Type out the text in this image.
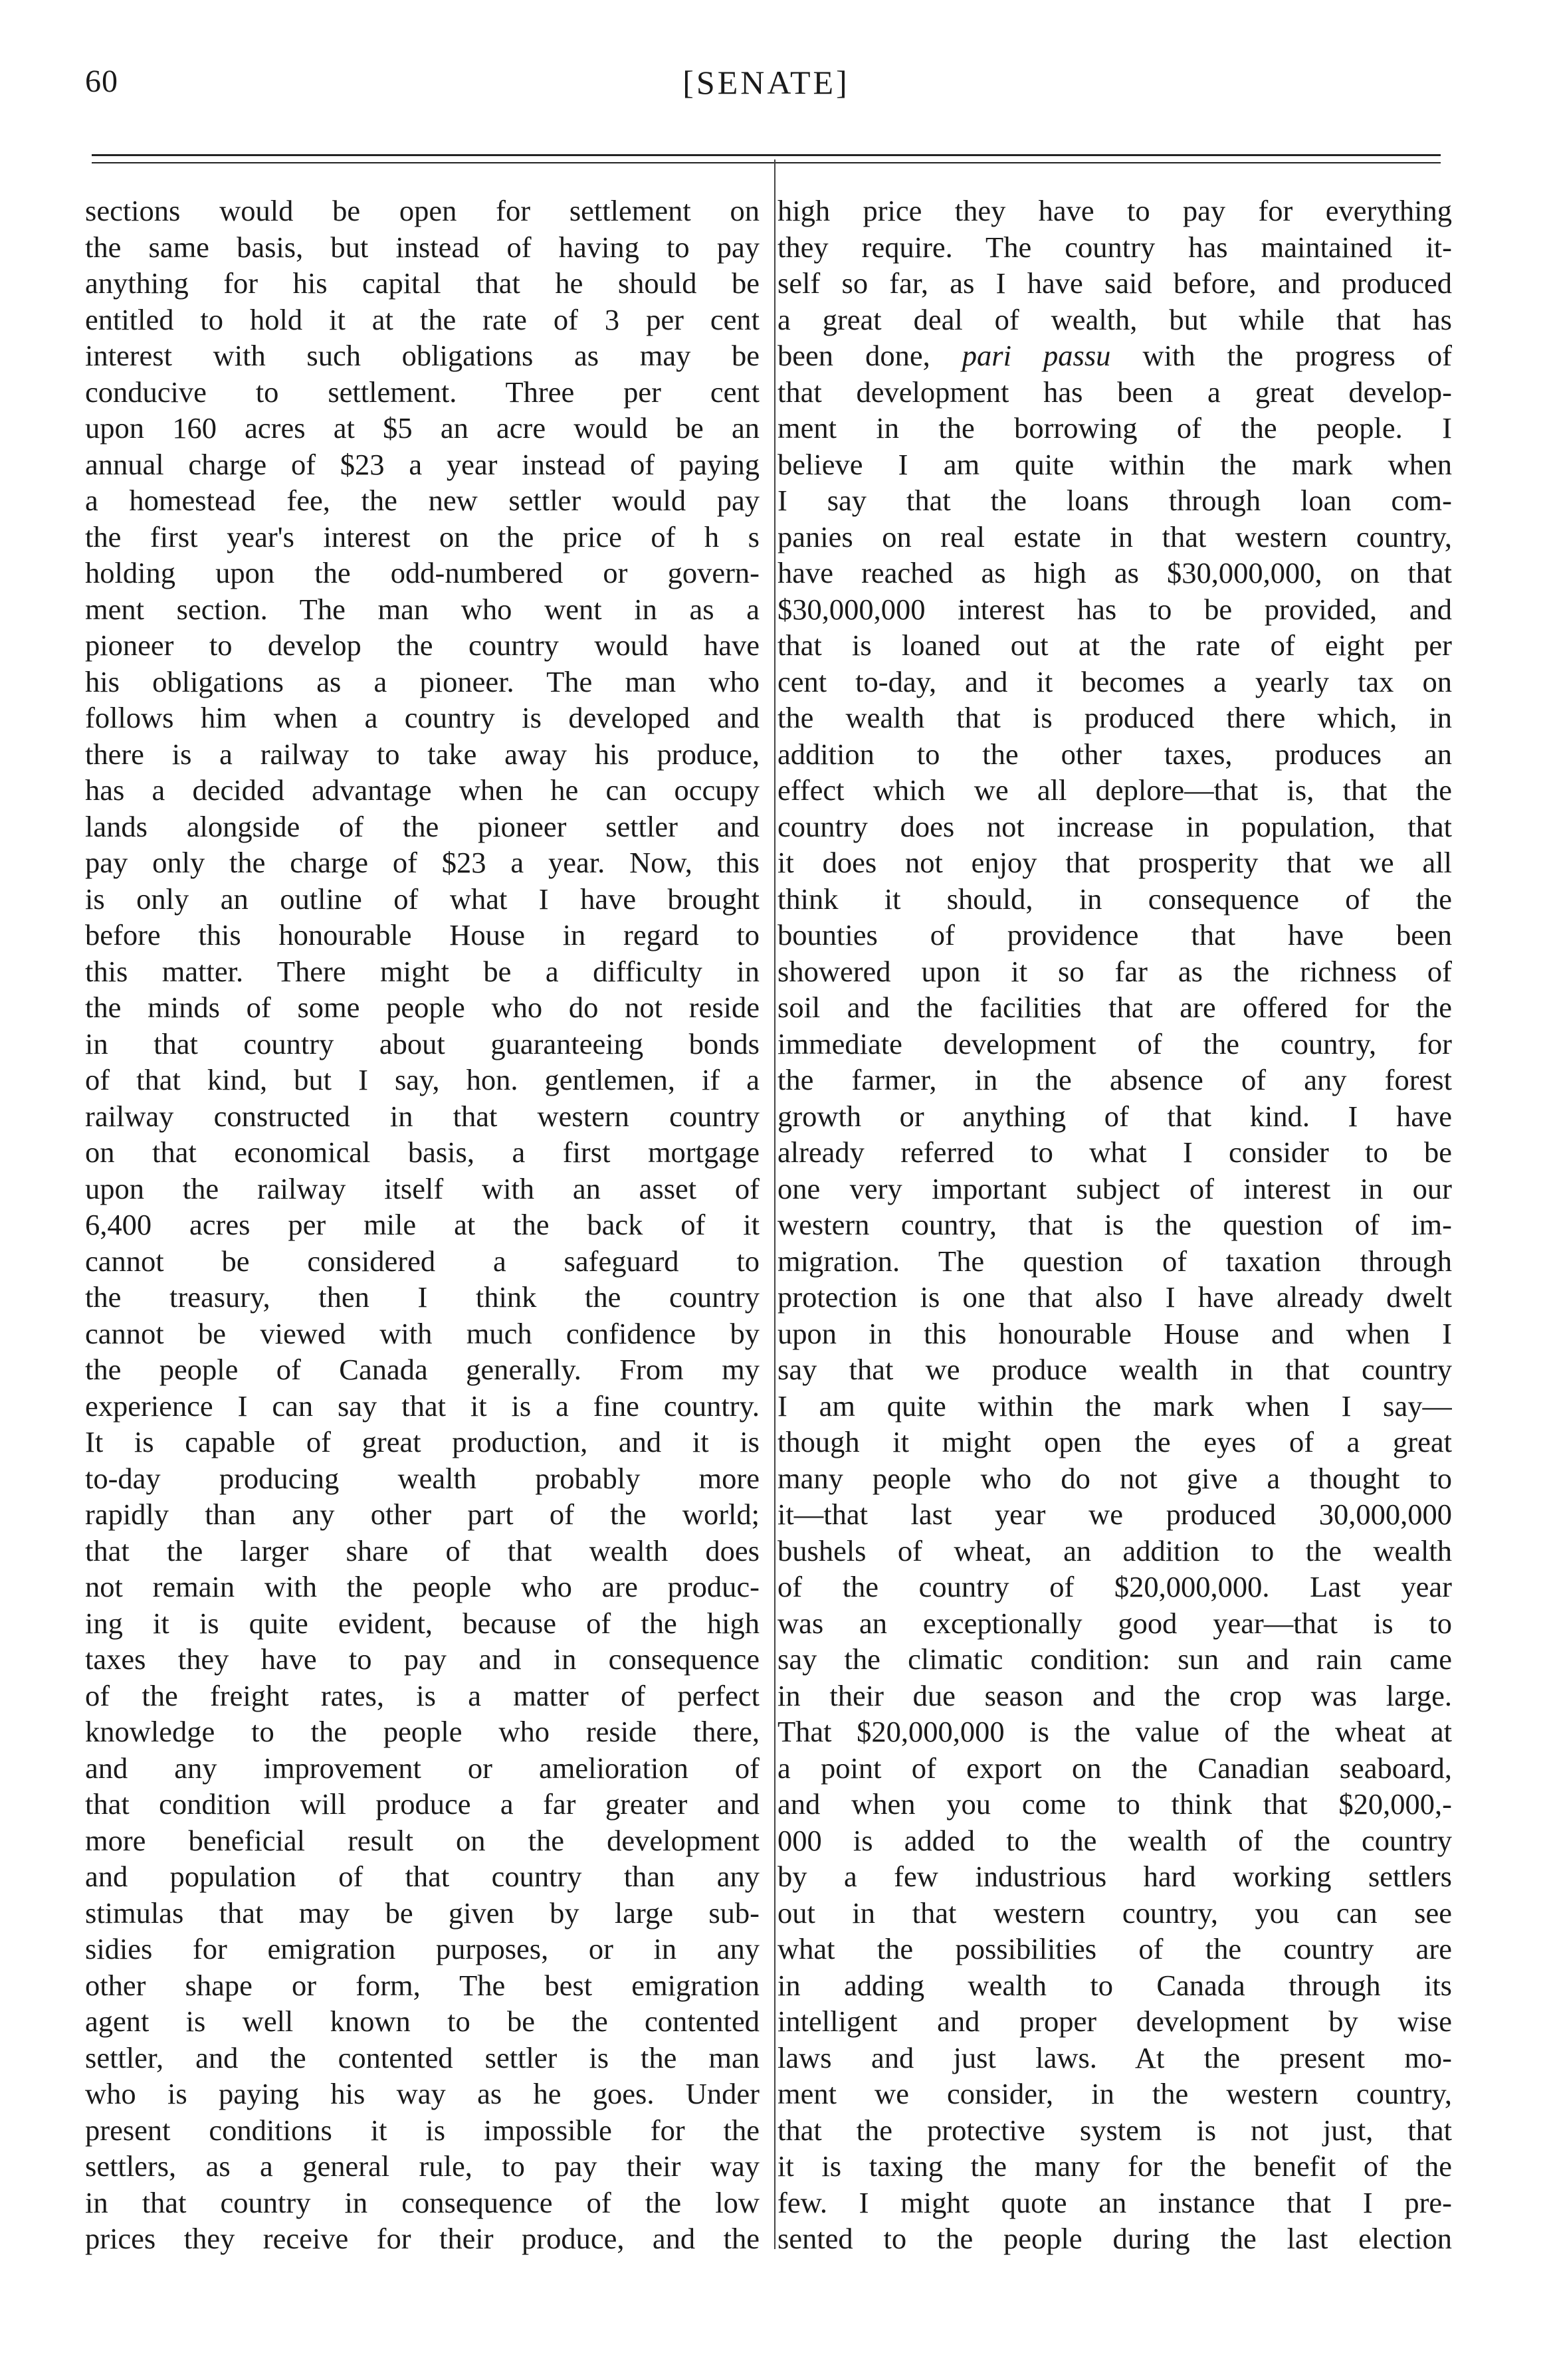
60	[SENATE]
sections would be open for settlement on
the same basis, but instead of having to pay
anything for his capital that he should be
entitled to hold it at the rate of 3 per cent
interest with such obligations as may be
conducive to settlement. Three per cent
upon 160 acres at $5 an acre would be an
annual charge of $23 a year instead of paying
a homestead fee, the new settler would pay
the first year's interest on the price of h s
holding upon the odd-numbered or govern-
ment section. The man who went in as a
pioneer to develop the country would have
his obligations as a pioneer. The man who
follows him when a country is developed and
there is a railway to take away his produce,
has a decided advantage when he can occupy
lands alongside of the pioneer settler and
pay only the charge of $23 a year. Now, this
is only an outline of what I have brought
before this honourable House in regard to
this matter. There might be a difficulty in
the minds of some people who do not reside
in that country about guaranteeing bonds
of that kind, but I say, hon. gentlemen, if a
railway constructed in that western country
on that economical basis, a first mortgage
upon the railway itself with an asset of
6,400 acres per mile at the back of it
cannot be considered a safeguard to
the treasury, then I think the country
cannot be viewed with much confidence by
the people of Canada generally. From my
experience I can say that it is a fine country.
It is capable of great production, and it is
to-day producing wealth probably more
rapidly than any other part of the world;
that the larger share of that wealth does
not remain with the people who are produc-
ing it is quite evident, because of the high
taxes they have to pay and in consequence
of the freight rates, is a matter of perfect
knowledge to the people who reside there,
and any improvement or amelioration of
that condition will produce a far greater and
more beneficial result on the development
and population of that country than any
stimulas that may be given by large sub-
sidies for emigration purposes, or in any
other shape or form, The best emigration
agent is well known to be the contented
settler, and the contented settler is the man
who is paying his way as he goes. Under
present conditions it is impossible for the
settlers, as a general rule, to pay their way
in that country in consequence of the low
prices they receive for their produce, and the
high price they have to pay for everything
they require. The country has maintained it-
self so far, as I have said before, and produced
a great deal of wealth, but while that has
been done, pari passu with the progress of
that development has been a great develop-
ment in the borrowing of the people. I
believe I am quite within the mark when
I say that the loans through loan com-
panies on real estate in that western country,
have reached as high as $30,000,000, on that
$30,000,000 interest has to be provided, and
that is loaned out at the rate of eight per
cent to-day, and it becomes a yearly tax on
the wealth that is produced there which, in
addition to the other taxes, produces an
effect which we all deplore—that is, that the
country does not increase in population, that
it does not enjoy that prosperity that we all
think it should, in consequence of the
bounties of providence that have been
showered upon it so far as the richness of
soil and the facilities that are offered for the
immediate development of the country, for
the farmer, in the absence of any forest
growth or anything of that kind. I have
already referred to what I consider to be
one very important subject of interest in our
western country, that is the question of im-
migration. The question of taxation through
protection is one that also I have already dwelt
upon in this honourable House and when I
say that we produce wealth in that country
I am quite within the mark when I say—
though it might open the eyes of a great
many people who do not give a thought to
it—that last year we produced 30,000,000
bushels of wheat, an addition to the wealth
of the country of $20,000,000. Last year
was an exceptionally good year—that is to
say the climatic condition: sun and rain came
in their due season and the crop was large.
That $20,000,000 is the value of the wheat at
a point of export on the Canadian seaboard,
and when you come to think that $20,000,-
000 is added to the wealth of the country
by a few industrious hard working settlers
out in that western country, you can see
what the possibilities of the country are
in adding wealth to Canada through its
intelligent and proper development by wise
laws and just laws. At the present mo-
ment we consider, in the western country,
that the protective system is not just, that
it is taxing the many for the benefit of the
few. I might quote an instance that I pre-
sented to the people during the last election
